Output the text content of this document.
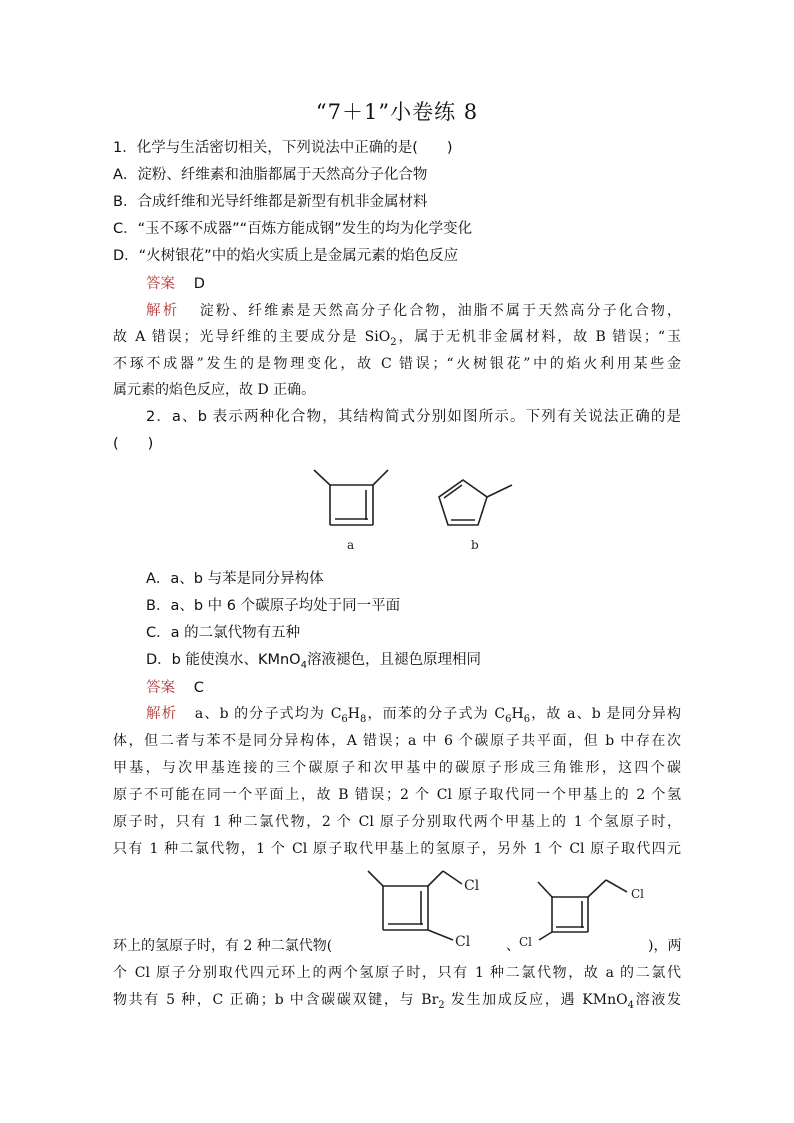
“7＋1”小卷练 8
1．化学与生活密切相关，下列说法中正确的是(　　)
A．淀粉、纤维素和油脂都属于天然高分子化合物
B．合成纤维和光导纤维都是新型有机非金属材料
C．“玉不琢不成器”“百炼方能成钢”发生的均为化学变化
D．“火树银花”中的焰火实质上是金属元素的焰色反应
答案 D
解析 淀粉、纤维素是天然高分子化合物，油脂不属于天然高分子化合物，
故 A 错误；光导纤维的主要成分是 SiO$_2$，属于无机非金属材料，故 B 错误；“玉
不琢不成器”发生的是物理变化，故 C 错误；“火树银花”中的焰火利用某些金
属元素的焰色反应，故 D 正确。
2．a、b 表示两种化合物，其结构简式分别如图所示。下列有关说法正确的是
(　　)
a	b
A．a、b 与苯是同分异构体
B．a、b 中 6 个碳原子均处于同一平面
C．a 的二氯代物有五种
D．b 能使溴水、KMnO$_4$溶液褪色，且褪色原理相同
答案 C
解析 a、b 的分子式均为 $C_6H_8$，而苯的分子式为 $C_6H_6$，故 a、b 是同分异构
体，但二者与苯不是同分异构体，A 错误；a 中 6 个碳原子共平面，但 b 中存在次
甲基，与次甲基连接的三个碳原子和次甲基中的碳原子形成三角锥形，这四个碳
原子不可能在同一个平面上，故 B 错误；2 个 Cl 原子取代同一个甲基上的 2 个氢
原子时，只有 1 种二氯代物，2 个 Cl 原子分别取代两个甲基上的 1 个氢原子时，
只有 1 种二氯代物，1 个 Cl 原子取代甲基上的氢原子，另外 1 个 Cl 原子取代四元
Cl
Cl
Cl
Cl
环上的氢原子时，有 2 种二氯代物(	、	)，两
个 Cl 原子分别取代四元环上的两个氢原子时，只有 1 种二氯代物，故 a 的二氯代
物共有 5 种，C 正确；b 中含碳碳双键，与 $Br_2$ 发生加成反应，遇 KMnO$_4$溶液发
